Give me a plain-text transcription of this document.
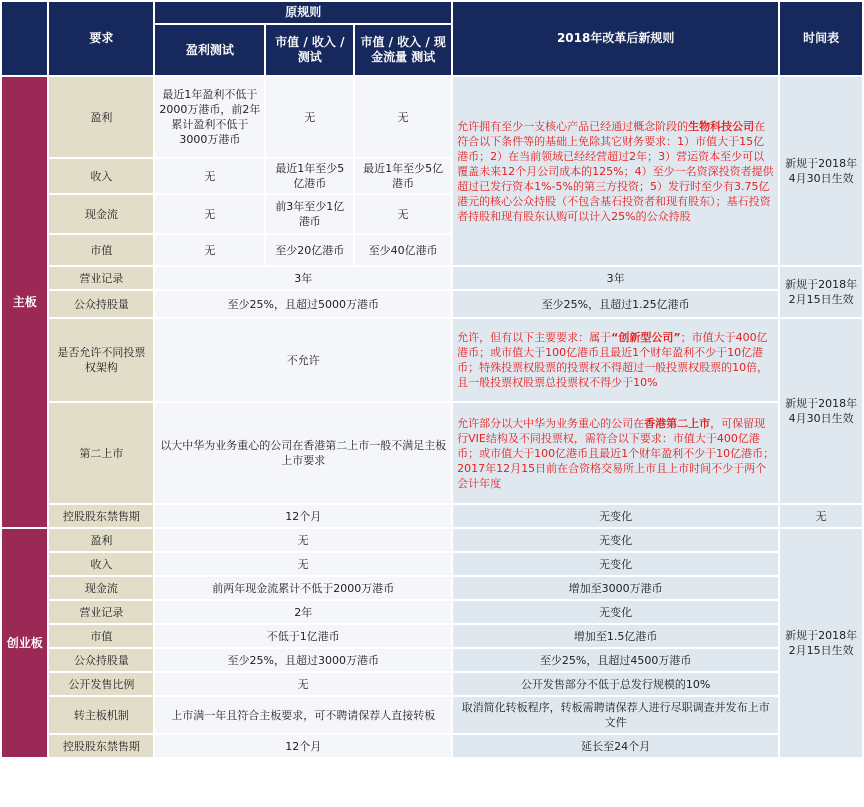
	要求	原规则			2018年改革后新规则	时间表
		盈利测试	市值 / 收入 / 测试	市值 / 收入 / 现金流量 测试		
主板	盈利	最近1年盈利不低于2000万港币，前2年累计盈利不低于3000万港币	无	无	允许拥有至少一支核心产品已经通过概念阶段的生物科技公司在符合以下条件等的基础上免除其它财务要求：1）市值大于15亿港币；2）在当前领域已经经营超过2年；3）营运资本至少可以覆盖未来12个月公司成本的125%；4）至少一名资深投资者提供超过已发行资本1%-5%的第三方投资；5）发行时至少有3.75亿港元的核心公众持股（不包含基石投资者和现有股东）；基石投资者持股和现有股东认购可以计入25%的公众持股	新规于2018年4月30日生效
	收入	无	最近1年至少5亿港币	最近1年至少5亿港币		
	现金流	无	前3年至少1亿港币	无		
	市值	无	至少20亿港币	至少40亿港币		
	营业记录	3年			3年	新规于2018年2月15日生效
	公众持股量	至少25%，且超过5000万港币			至少25%，且超过1.25亿港币	
	是否允许不同投票权架构	不允许			允许，但有以下主要要求：属于“创新型公司”；市值大于400亿港币；或市值大于100亿港币且最近1个财年盈利不少于10亿港币；特殊投票权股票的投票权不得超过一般投票权股票的10倍，且一般投票权股票总投票权不得少于10%	新规于2018年4月30日生效
	第二上市	以大中华为业务重心的公司在香港第二上市一般不满足主板上市要求			允许部分以大中华为业务重心的公司在香港第二上市，可保留现行VIE结构及不同投票权，需符合以下要求：市值大于400亿港币；或市值大于100亿港币且最近1个财年盈利不少于10亿港币；2017年12月15日前在合资格交易所上市且上市时间不少于两个会计年度	
	控股股东禁售期	12个月			无变化	无
创业板	盈利	无			无变化	新规于2018年2月15日生效
	收入	无			无变化	
	现金流	前两年现金流累计不低于2000万港币			增加至3000万港币	
	营业记录	2年			无变化	
	市值	不低于1亿港币			增加至1.5亿港币	
	公众持股量	至少25%，且超过3000万港币			至少25%，且超过4500万港币	
	公开发售比例	无			公开发售部分不低于总发行规模的10%	
	转主板机制	上市满一年且符合主板要求，可不聘请保荐人直接转板			取消简化转板程序，转板需聘请保荐人进行尽职调查并发布上市文件	
	控股股东禁售期	12个月			延长至24个月	
